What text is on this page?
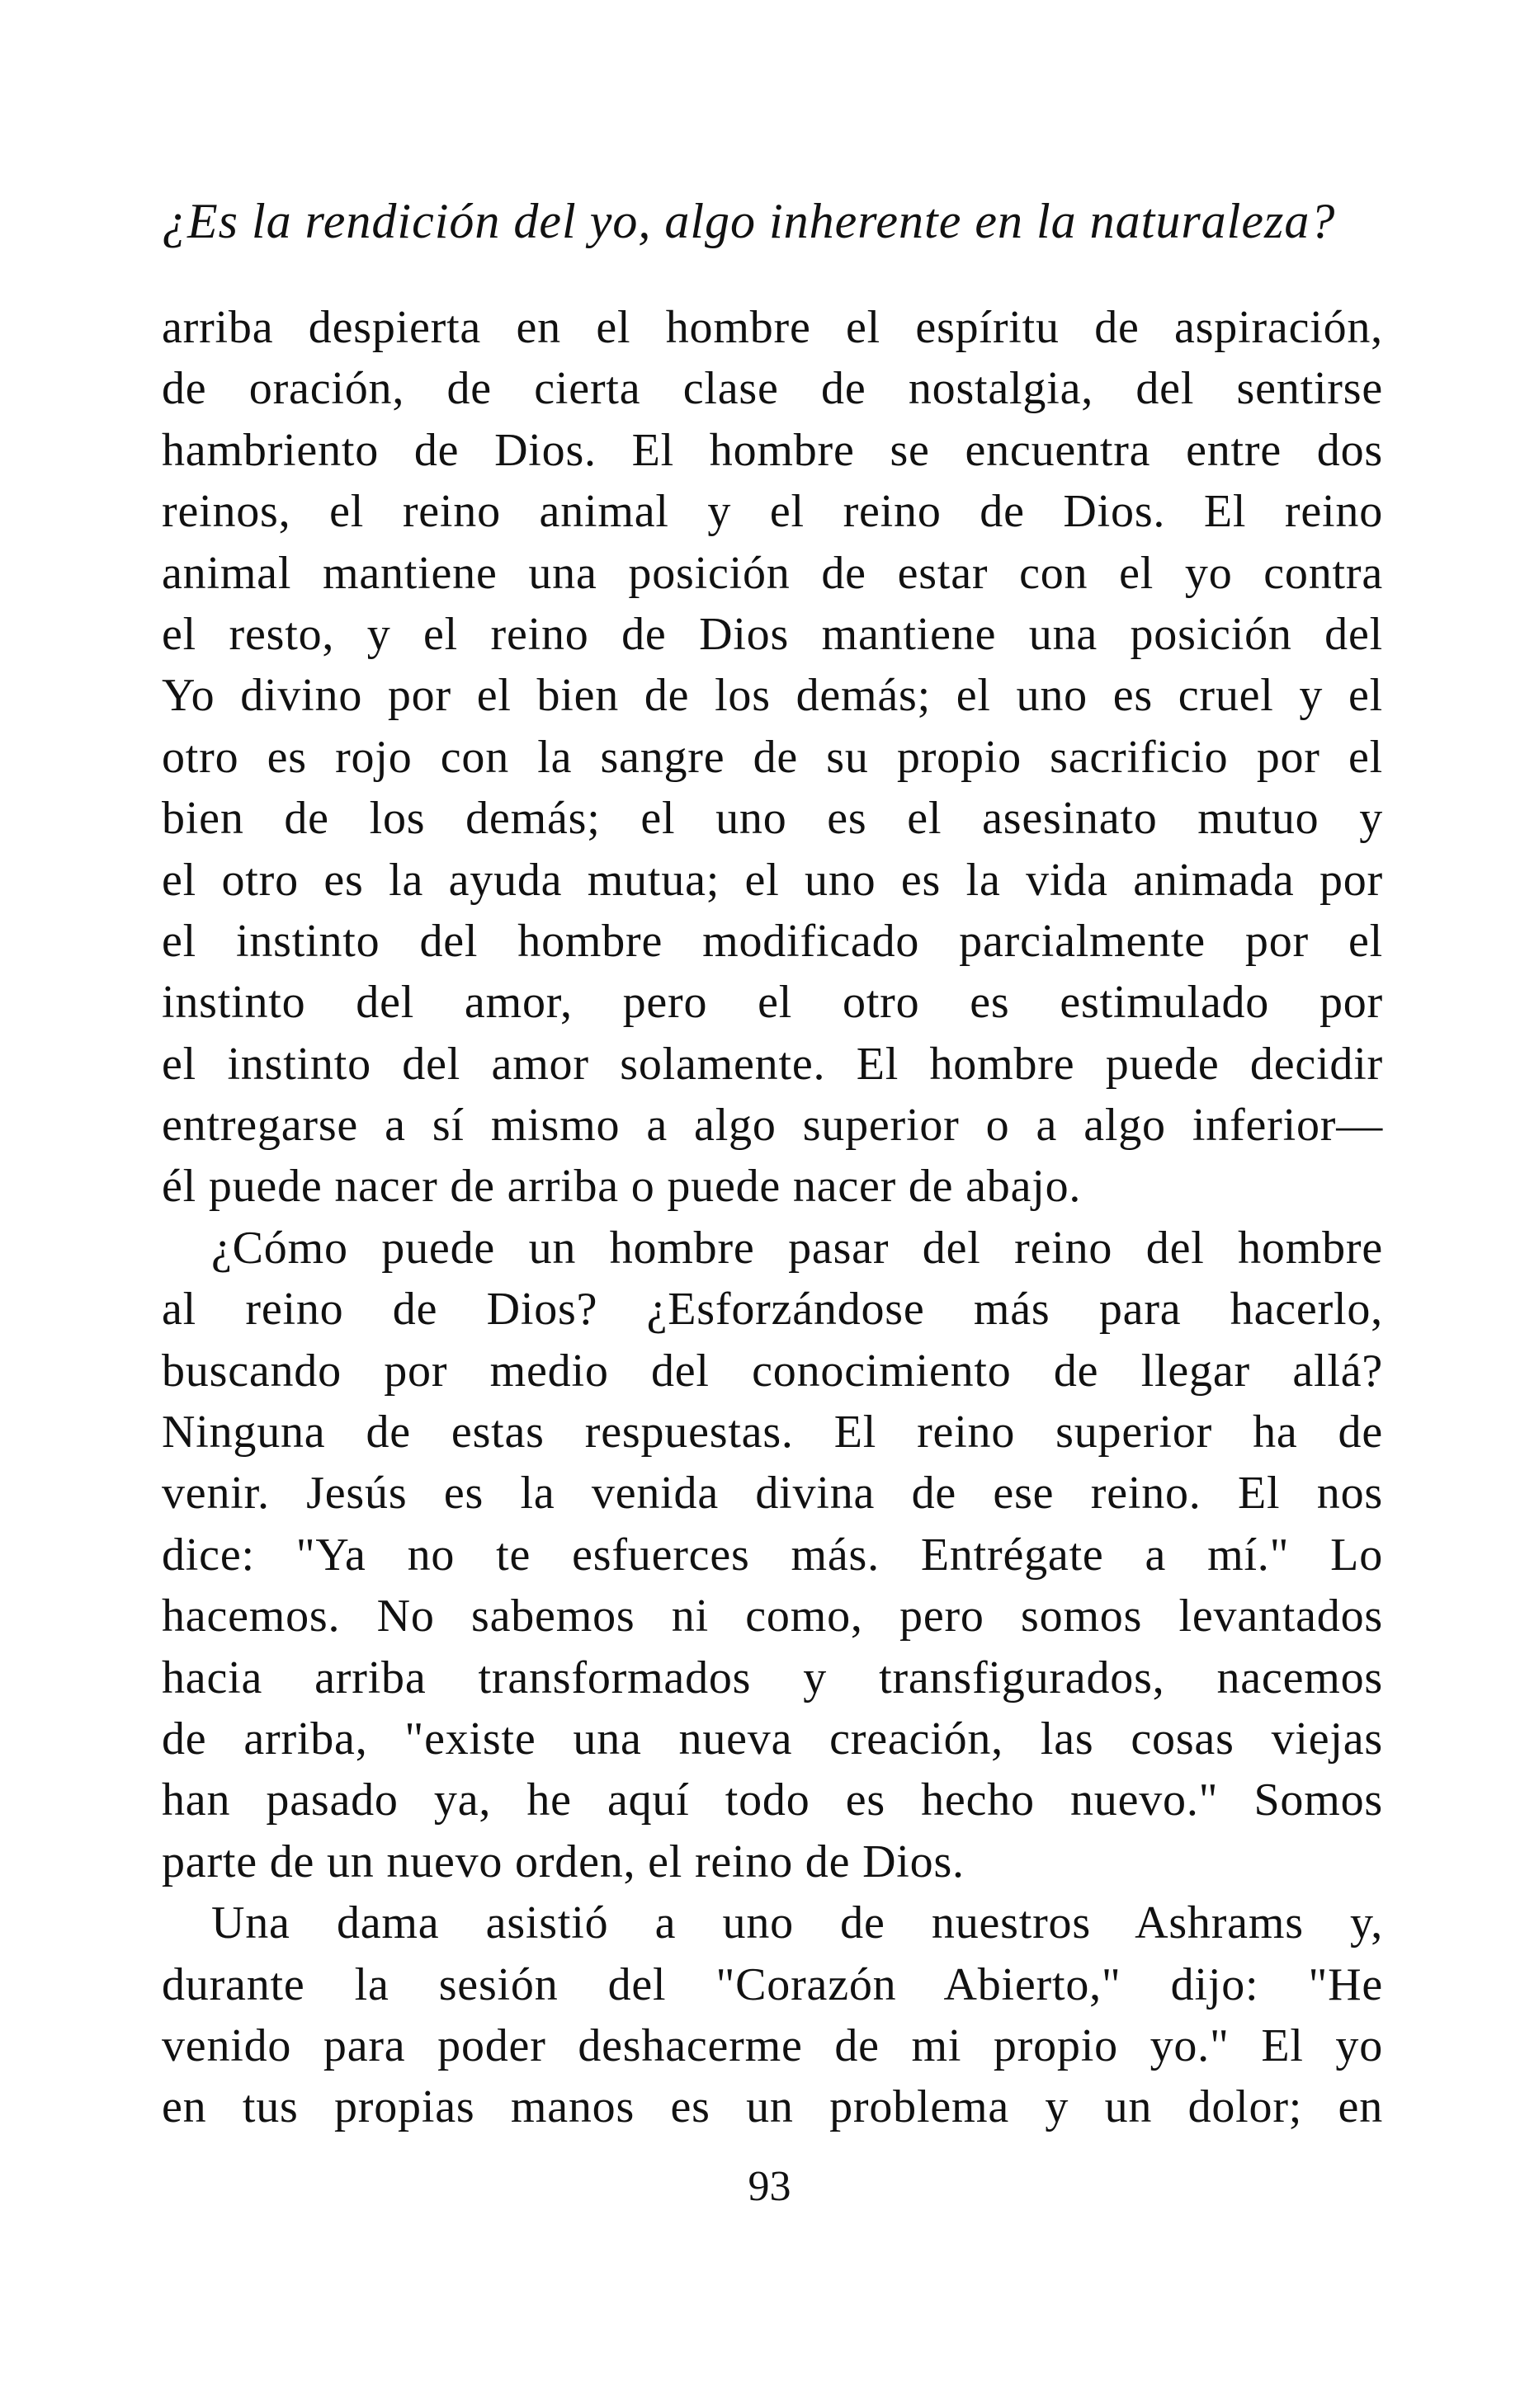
¿Es la rendición del yo, algo inherente en la naturaleza?
arriba despierta en el hombre el espíritu de aspiración,
de oración, de cierta clase de nostalgia, del sentirse
hambriento de Dios. El hombre se encuentra entre dos
reinos, el reino animal y el reino de Dios. El reino
animal mantiene una posición de estar con el yo contra
el resto, y el reino de Dios mantiene una posición del
Yo divino por el bien de los demás; el uno es cruel y el
otro es rojo con la sangre de su propio sacrificio por el
bien de los demás; el uno es el asesinato mutuo y
el otro es la ayuda mutua; el uno es la vida animada por
el instinto del hombre modificado parcialmente por el
instinto del amor, pero el otro es estimulado por
el instinto del amor solamente. El hombre puede decidir
entregarse a sí mismo a algo superior o a algo inferior—
él puede nacer de arriba o puede nacer de abajo.
¿Cómo puede un hombre pasar del reino del hombre
al reino de Dios? ¿Esforzándose más para hacerlo,
buscando por medio del conocimiento de llegar allá?
Ninguna de estas respuestas. El reino superior ha de
venir. Jesús es la venida divina de ese reino. El nos
dice: "Ya no te esfuerces más. Entrégate a mí." Lo
hacemos. No sabemos ni como, pero somos levantados
hacia arriba transformados y transfigurados, nacemos
de arriba, "existe una nueva creación, las cosas viejas
han pasado ya, he aquí todo es hecho nuevo." Somos
parte de un nuevo orden, el reino de Dios.
Una dama asistió a uno de nuestros Ashrams y,
durante la sesión del "Corazón Abierto," dijo: "He
venido para poder deshacerme de mi propio yo." El yo
en tus propias manos es un problema y un dolor; en
93
